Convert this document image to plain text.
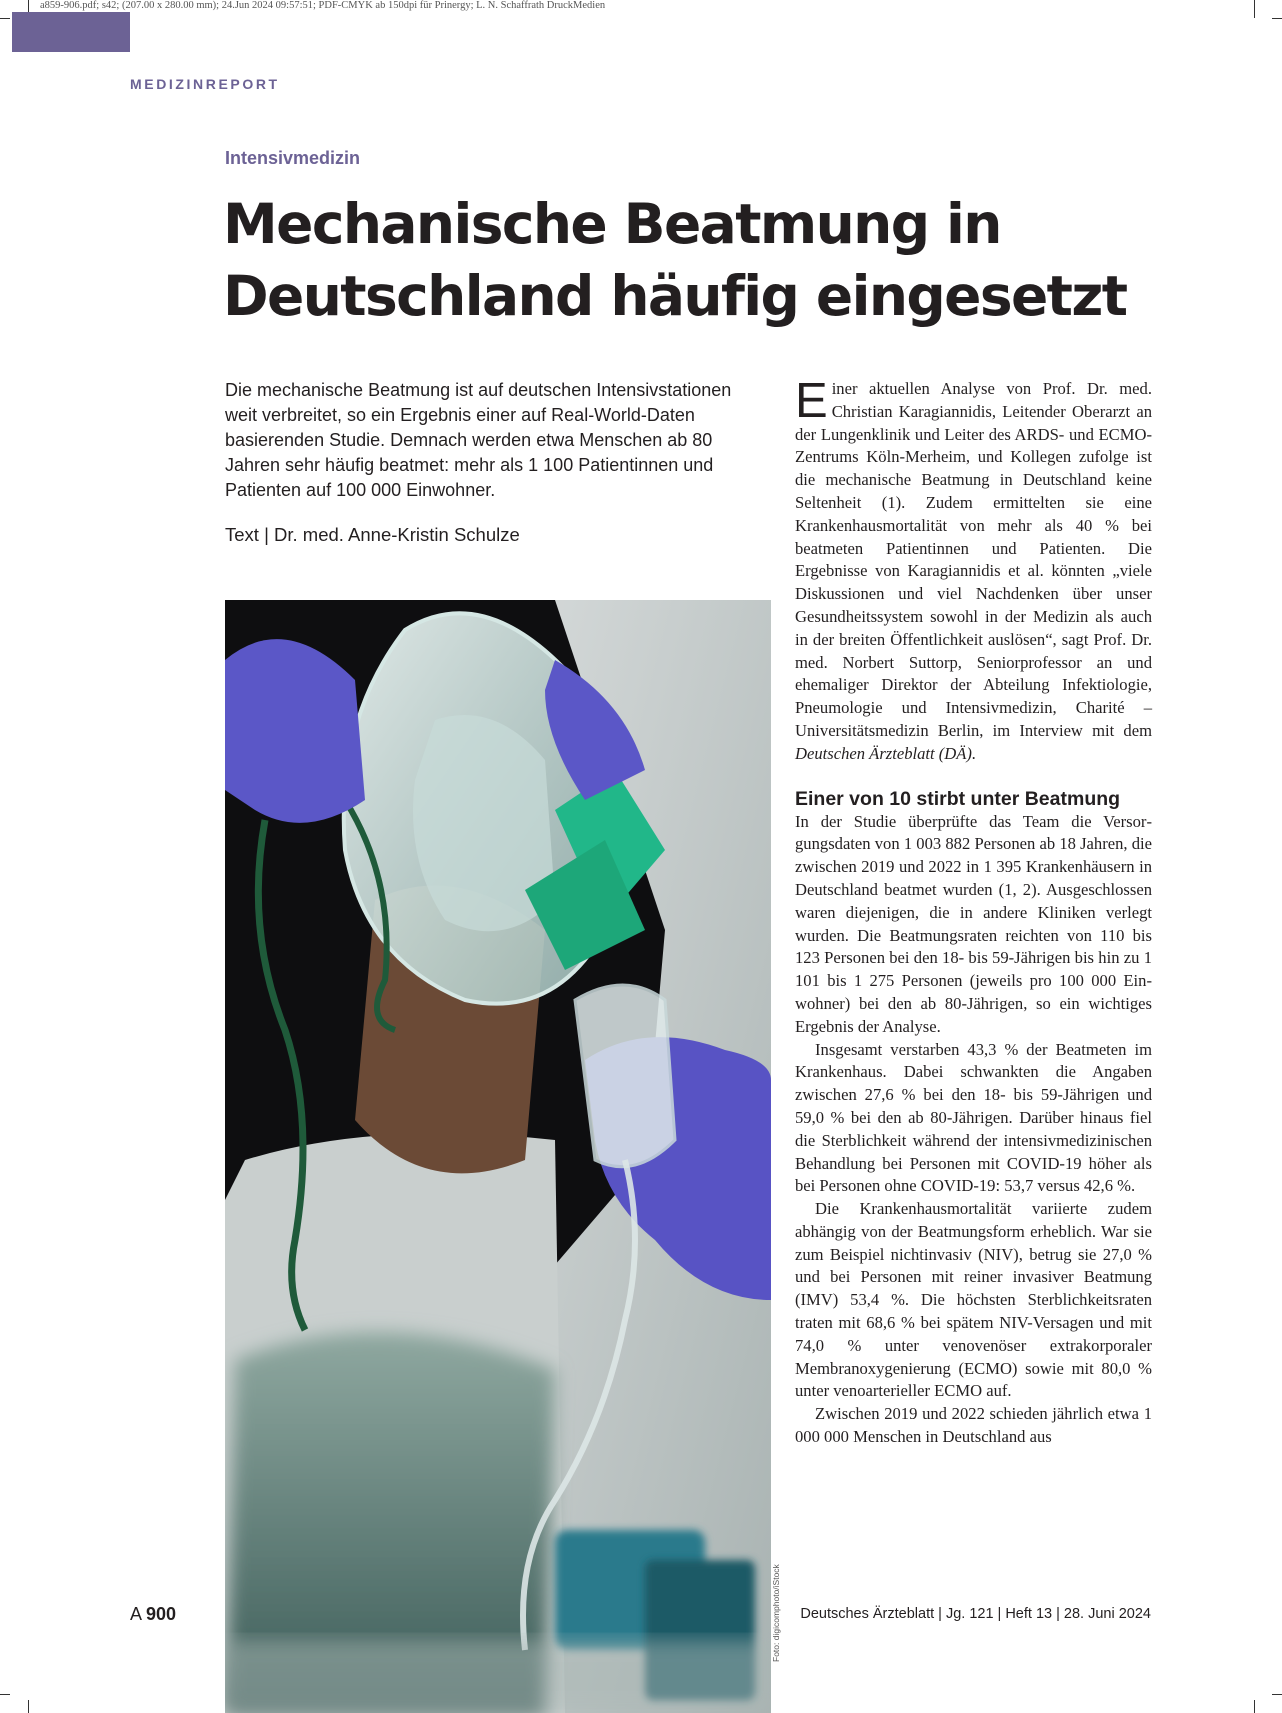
a859-906.pdf; s42; (207.00 x 280.00 mm); 24.Jun 2024 09:57:51; PDF-CMYK ab 150dpi für Prinergy; L. N. Schaffrath DruckMedien
MEDIZINREPORT
Intensivmedizin
Mechanische Beatmung in
Deutschland häufig eingesetzt
Die mechanische Beatmung ist auf deutschen Intensivstationen weit verbreitet, so ein Ergebnis einer auf Real-World-Daten basierenden Studie. Demnach werden etwa Menschen ab 80 Jahren sehr häufig beatmet: mehr als 1 100 Patientinnen und Patienten auf 100 000 Einwohner.
Text | Dr. med. Anne-Kristin Schulze
Foto: digicomphoto/iStock

Einer aktuellen Analyse von Prof. Dr. med. Christian Karagiannidis, Leitender Oberarzt an der Lungenklinik und Leiter des ARDS- und ECMO-Zentrums Köln-Merheim, und Kollegen zufolge ist die mechanische Beatmung in Deutschland keine Seltenheit (1). Zudem ermittelten sie eine Krankenhausmortalität von mehr als 40 % bei beatmeten Patientinnen und Patienten. Die Ergebnisse von Karagiannidis et al. könnten „viele Diskussionen und viel Nachdenken über unser Gesundheitssystem sowohl in der Medizin als auch in der breiten Öffentlichkeit auslösen“, sagt Prof. Dr. med. Norbert Suttorp, Seniorprofessor an und ehemaliger Direktor der Abteilung Infektiologie, Pneumologie und Intensivmedizin, Charité – Universitätsmedizin Berlin, im Interview mit dem Deutschen Ärzteblatt (DÄ).

Einer von 10 stirbt unter Beatmung

In der Studie überprüfte das Team die Versorgungsdaten von 1 003 882 Personen ab 18 Jahren, die zwischen 2019 und 2022 in 1 395 Krankenhäusern in Deutschland beatmet wurden (1, 2). Ausgeschlossen waren diejenigen, die in andere Kliniken verlegt wurden. Die Beatmungsraten reichten von 110 bis 123 Personen bei den 18- bis 59-Jährigen bis hin zu 1 101 bis 1 275 Personen (jeweils pro 100 000 Einwohner) bei den ab 80-Jährigen, so ein wichtiges Ergebnis der Analyse.

Insgesamt verstarben 43,3 % der Beatmeten im Krankenhaus. Dabei schwankten die Angaben zwischen 27,6 % bei den 18- bis 59-Jährigen und 59,0 % bei den ab 80-Jährigen. Darüber hinaus fiel die Sterblichkeit während der intensivmedizinischen Behandlung bei Personen mit COVID-19 höher als bei Personen ohne COVID-19: 53,7 versus 42,6 %.

Die Krankenhausmortalität variierte zudem abhängig von der Beatmungsform erheblich. War sie zum Beispiel nichtinvasiv (NIV), betrug sie 27,0 % und bei Personen mit reiner invasiver Beatmung (IMV) 53,4 %. Die höchsten Sterblichkeitsraten traten mit 68,6 % bei spätem NIV-Versagen und mit 74,0 % unter venovenöser extrakorporaler Membranoxygenierung (ECMO) sowie mit 80,0 % unter venoarterieller ECMO auf.

Zwischen 2019 und 2022 schieden jährlich etwa 1 000 000 Menschen in Deutschland aus

A 900	Deutsches Ärzteblatt | Jg. 121 | Heft 13 | 28. Juni 2024
